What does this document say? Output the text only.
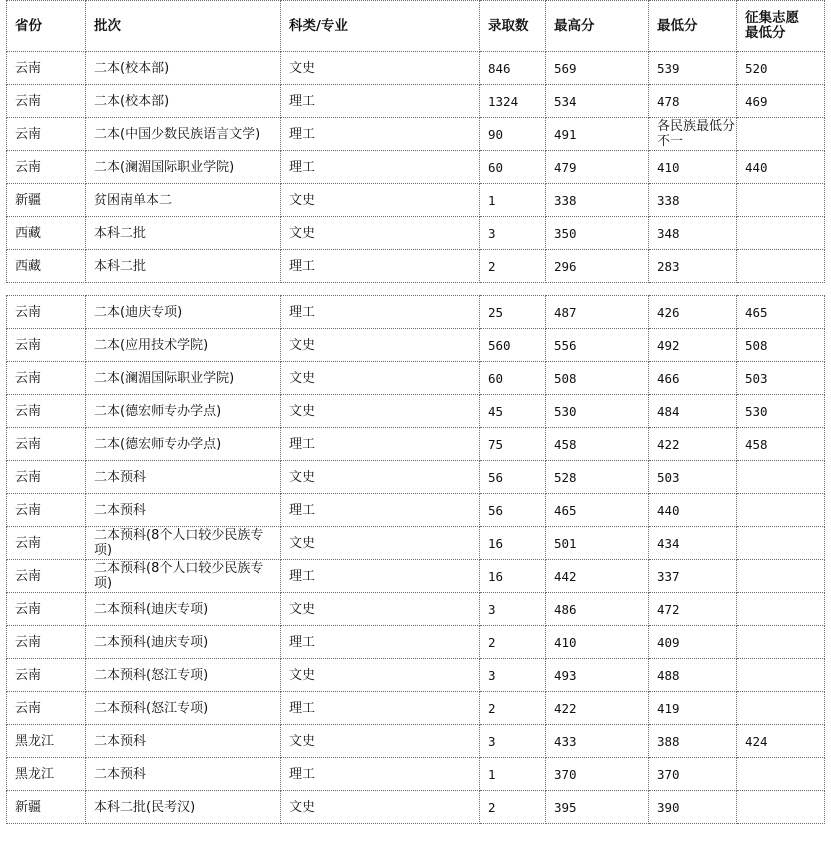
省份	批次	科类/专业	录取数	最高分	最低分	征集志愿
最低分
云南	二本(校本部)	文史	846	569	539	520
云南	二本(校本部)	理工	1324	534	478	469
云南	二本(中国少数民族语言文学)	理工	90	491	各民族最低分不一	
云南	二本(澜湄国际职业学院)	理工	60	479	410	440
新疆	贫困南单本二	文史	1	338	338	
西藏	本科二批	文史	3	350	348	
西藏	本科二批	理工	2	296	283	
云南	二本(迪庆专项)	理工	25	487	426	465
云南	二本(应用技术学院)	文史	560	556	492	508
云南	二本(澜湄国际职业学院)	文史	60	508	466	503
云南	二本(德宏师专办学点)	文史	45	530	484	530
云南	二本(德宏师专办学点)	理工	75	458	422	458
云南	二本预科	文史	56	528	503	
云南	二本预科	理工	56	465	440	
云南	二本预科(8个人口较少民族专项)	文史	16	501	434	
云南	二本预科(8个人口较少民族专项)	理工	16	442	337	
云南	二本预科(迪庆专项)	文史	3	486	472	
云南	二本预科(迪庆专项)	理工	2	410	409	
云南	二本预科(怒江专项)	文史	3	493	488	
云南	二本预科(怒江专项)	理工	2	422	419	
黑龙江	二本预科	文史	3	433	388	424
黑龙江	二本预科	理工	1	370	370	
新疆	本科二批(民考汉)	文史	2	395	390	
